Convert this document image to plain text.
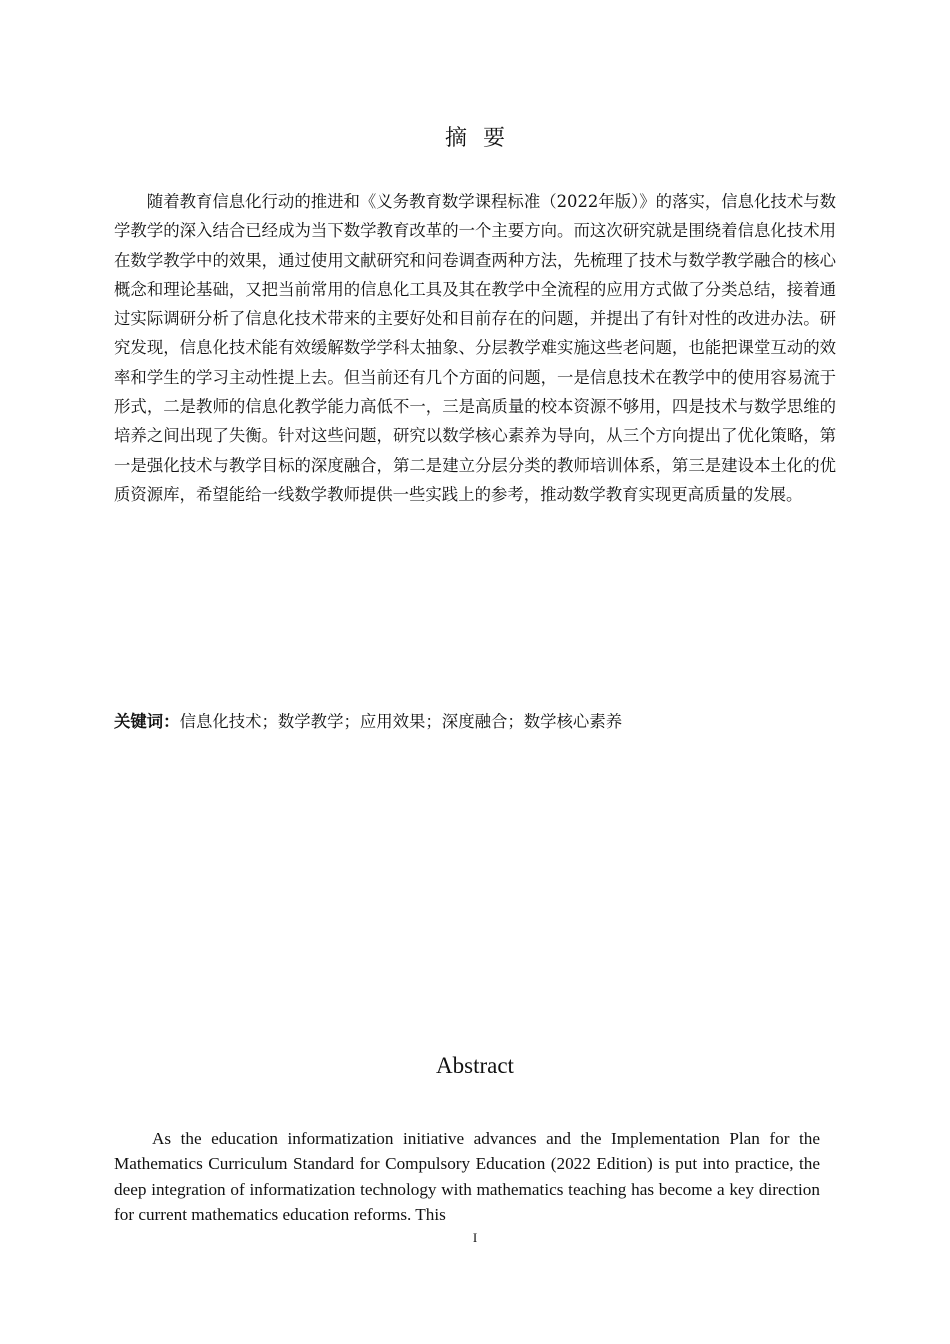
摘要

随着教育信息化行动的推进和《义务教育数学课程标准（2022年版）》的落实，信息化技术与数学教学的深入结合已经成为当下数学教育改革的一个主要方向。而这次研究就是围绕着信息化技术用在数学教学中的效果，通过使用文献研究和问卷调查两种方法，先梳理了技术与数学教学融合的核心概念和理论基础，又把当前常用的信息化工具及其在教学中全流程的应用方式做了分类总结，接着通过实际调研分析了信息化技术带来的主要好处和目前存在的问题，并提出了有针对性的改进办法。研究发现，信息化技术能有效缓解数学学科太抽象、分层教学难实施这些老问题，也能把课堂互动的效率和学生的学习主动性提上去。但当前还有几个方面的问题，一是信息技术在教学中的使用容易流于形式，二是教师的信息化教学能力高低不一，三是高质量的校本资源不够用，四是技术与数学思维的培养之间出现了失衡。针对这些问题，研究以数学核心素养为导向，从三个方向提出了优化策略，第一是强化技术与教学目标的深度融合，第二是建立分层分类的教师培训体系，第三是建设本土化的优质资源库，希望能给一线数学教师提供一些实践上的参考，推动数学教育实现更高质量的发展。

关键词：信息化技术；数学教学；应用效果；深度融合；数学核心素养
Abstract

As the education informatization initiative advances and the Implementation Plan for the Mathematics Curriculum Standard for Compulsory Education (2022 Edition) is put into practice, the deep integration of informatization technology with mathematics teaching has become a key direction for current mathematics education reforms. This

I
